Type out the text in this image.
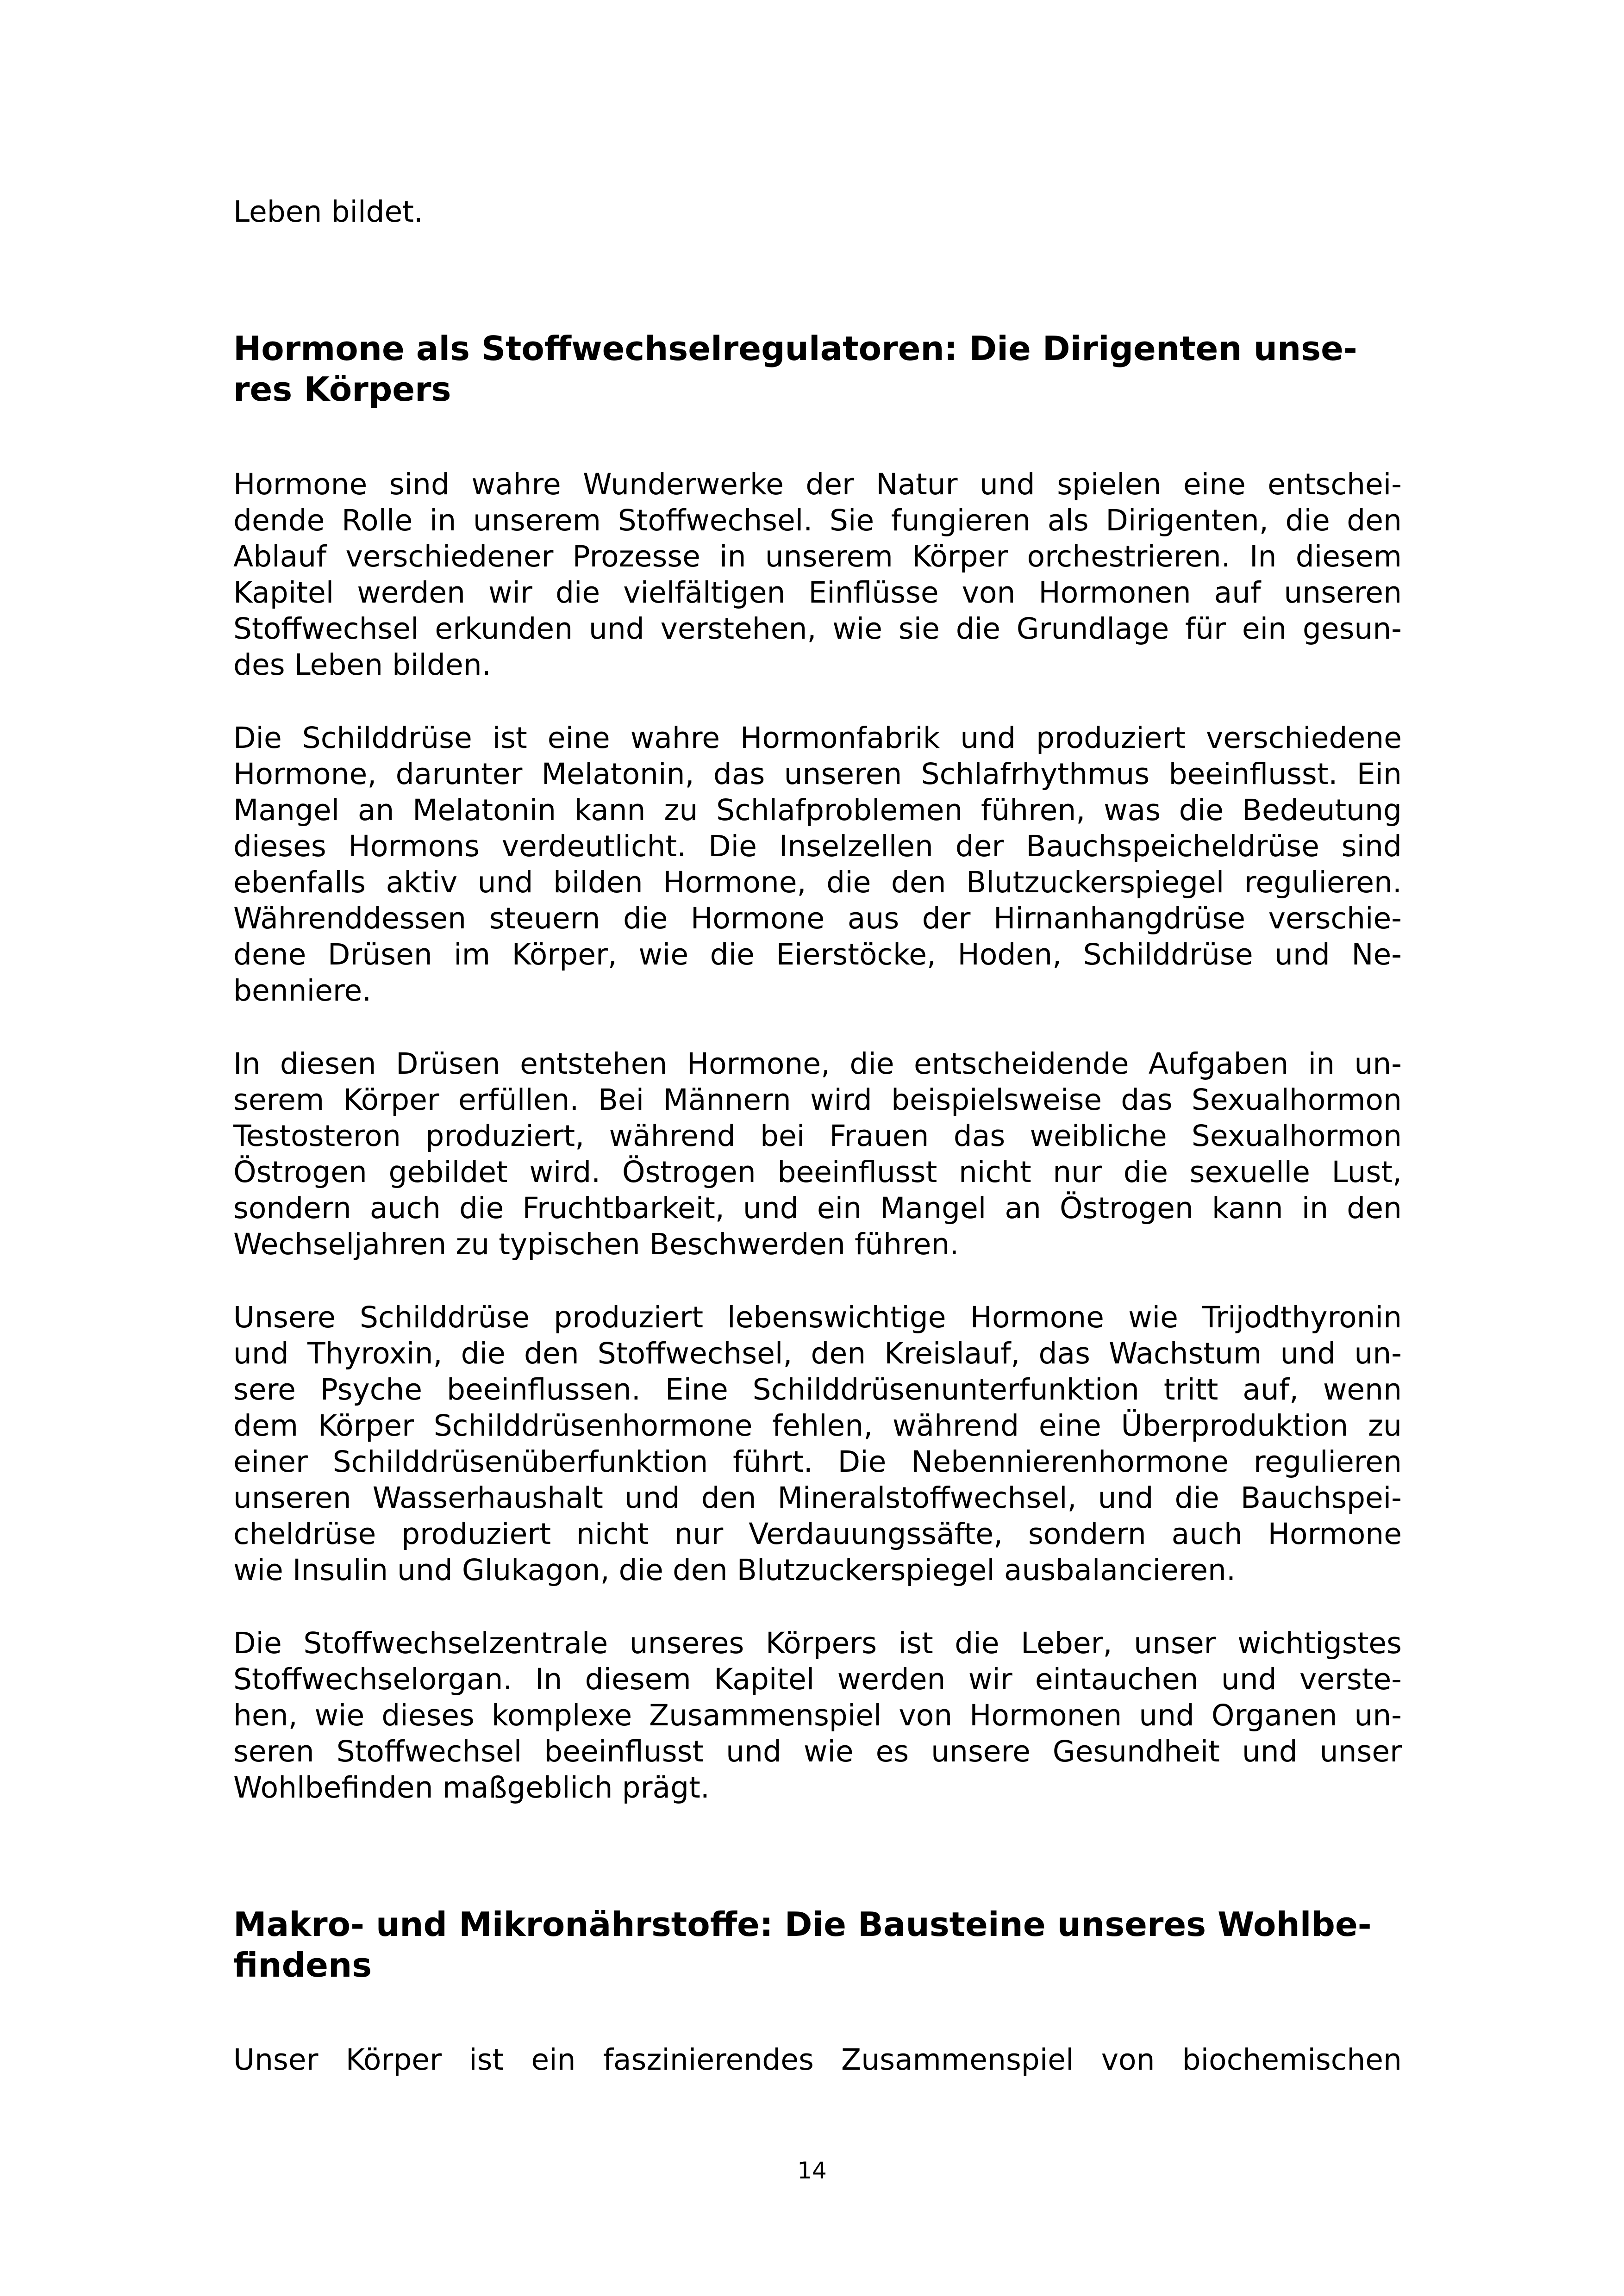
Leben bildet.
Hormone als Stoffwechselregulatoren: Die Dirigenten unse-
res Körpers
Hormone sind wahre Wunderwerke der Natur und spielen eine entschei-
dende Rolle in unserem Stoffwechsel. Sie fungieren als Dirigenten, die den
Ablauf verschiedener Prozesse in unserem Körper orchestrieren. In diesem
Kapitel werden wir die vielfältigen Einflüsse von Hormonen auf unseren
Stoffwechsel erkunden und verstehen, wie sie die Grundlage für ein gesun-
des Leben bilden.
Die Schilddrüse ist eine wahre Hormonfabrik und produziert verschiedene
Hormone, darunter Melatonin, das unseren Schlafrhythmus beeinflusst. Ein
Mangel an Melatonin kann zu Schlafproblemen führen, was die Bedeutung
dieses Hormons verdeutlicht. Die Inselzellen der Bauchspeicheldrüse sind
ebenfalls aktiv und bilden Hormone, die den Blutzuckerspiegel regulieren.
Währenddessen steuern die Hormone aus der Hirnanhangdrüse verschie-
dene Drüsen im Körper, wie die Eierstöcke, Hoden, Schilddrüse und Ne-
benniere.
In diesen Drüsen entstehen Hormone, die entscheidende Aufgaben in un-
serem Körper erfüllen. Bei Männern wird beispielsweise das Sexualhormon
Testosteron produziert, während bei Frauen das weibliche Sexualhormon
Östrogen gebildet wird. Östrogen beeinflusst nicht nur die sexuelle Lust,
sondern auch die Fruchtbarkeit, und ein Mangel an Östrogen kann in den
Wechseljahren zu typischen Beschwerden führen.
Unsere Schilddrüse produziert lebenswichtige Hormone wie Trijodthyronin
und Thyroxin, die den Stoffwechsel, den Kreislauf, das Wachstum und un-
sere Psyche beeinflussen. Eine Schilddrüsenunterfunktion tritt auf, wenn
dem Körper Schilddrüsenhormone fehlen, während eine Überproduktion zu
einer Schilddrüsenüberfunktion führt. Die Nebennierenhormone regulieren
unseren Wasserhaushalt und den Mineralstoffwechsel, und die Bauchspei-
cheldrüse produziert nicht nur Verdauungssäfte, sondern auch Hormone
wie Insulin und Glukagon, die den Blutzuckerspiegel ausbalancieren.
Die Stoffwechselzentrale unseres Körpers ist die Leber, unser wichtigstes
Stoffwechselorgan. In diesem Kapitel werden wir eintauchen und verste-
hen, wie dieses komplexe Zusammenspiel von Hormonen und Organen un-
seren Stoffwechsel beeinflusst und wie es unsere Gesundheit und unser
Wohlbefinden maßgeblich prägt.
Makro- und Mikronährstoffe: Die Bausteine unseres Wohlbe-
findens
Unser Körper ist ein faszinierendes Zusammenspiel von biochemischen
14
